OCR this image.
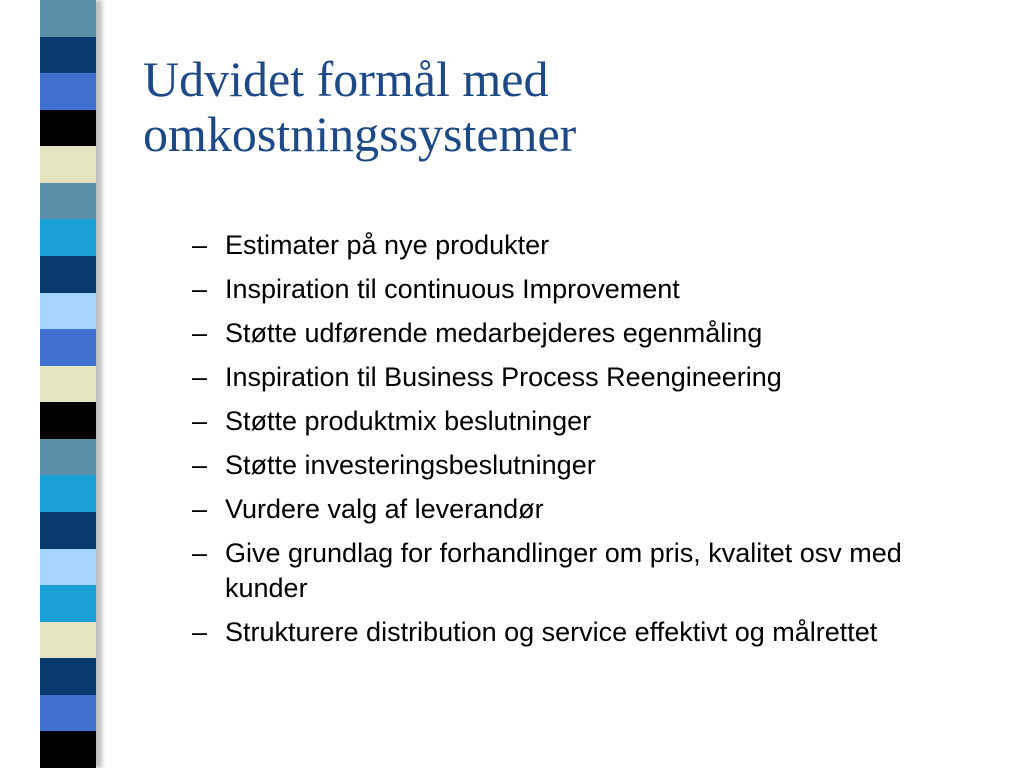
Udvidet formål med
omkostningssystemer
– Estimater på nye produkter
– Inspiration til continuous Improvement
– Støtte udførende medarbejderes egenmåling
– Inspiration til Business Process Reengineering
– Støtte produktmix beslutninger
– Støtte investeringsbeslutninger
– Vurdere valg af leverandør
– Give grundlag for forhandlinger om pris, kvalitet osv med kunder
– Strukturere distribution og service effektivt og målrettet
